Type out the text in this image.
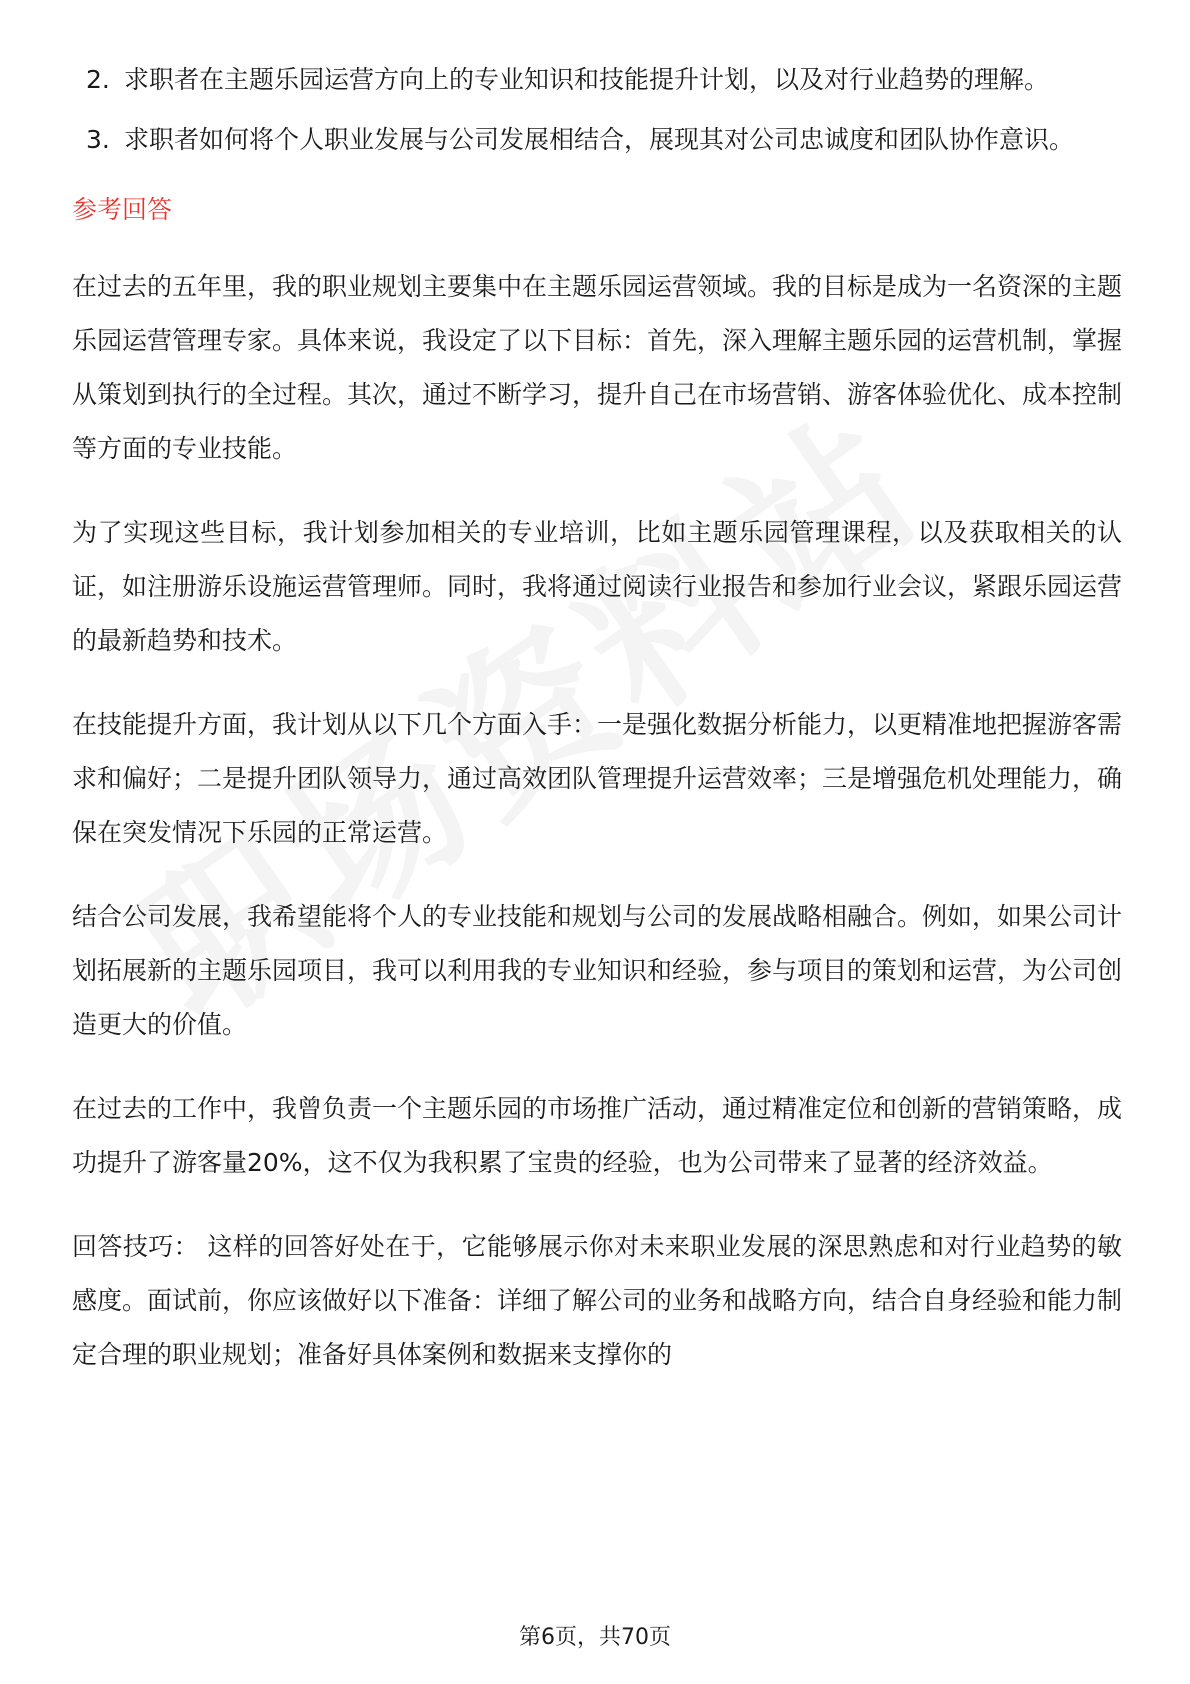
2. 求职者在主题乐园运营方向上的专业知识和技能提升计划，以及对行业趋势的理解。
3. 求职者如何将个人职业发展与公司发展相结合，展现其对公司忠诚度和团队协作意识。
参考回答

在过去的五年里，我的职业规划主要集中在主题乐园运营领域。我的目标是成为一名资深的主题乐园运营管理专家。具体来说，我设定了以下目标：首先，深入理解主题乐园的运营机制，掌握从策划到执行的全过程。其次，通过不断学习，提升自己在市场营销、游客体验优化、成本控制等方面的专业技能。

为了实现这些目标，我计划参加相关的专业培训，比如主题乐园管理课程，以及获取相关的认证，如注册游乐设施运营管理师。同时，我将通过阅读行业报告和参加行业会议，紧跟乐园运营的最新趋势和技术。

在技能提升方面，我计划从以下几个方面入手：一是强化数据分析能力，以更精准地把握游客需求和偏好；二是提升团队领导力，通过高效团队管理提升运营效率；三是增强危机处理能力，确保在突发情况下乐园的正常运营。

结合公司发展，我希望能将个人的专业技能和规划与公司的发展战略相融合。例如，如果公司计划拓展新的主题乐园项目，我可以利用我的专业知识和经验，参与项目的策划和运营，为公司创造更大的价值。

在过去的工作中，我曾负责一个主题乐园的市场推广活动，通过精准定位和创新的营销策略，成功提升了游客量20%，这不仅为我积累了宝贵的经验，也为公司带来了显著的经济效益。

回答技巧： 这样的回答好处在于，它能够展示你对未来职业发展的深思熟虑和对行业趋势的敏感度。面试前，你应该做好以下准备：详细了解公司的业务和战略方向，结合自身经验和能力制定合理的职业规划；准备好具体案例和数据来支撑你的

第6页，共70页
